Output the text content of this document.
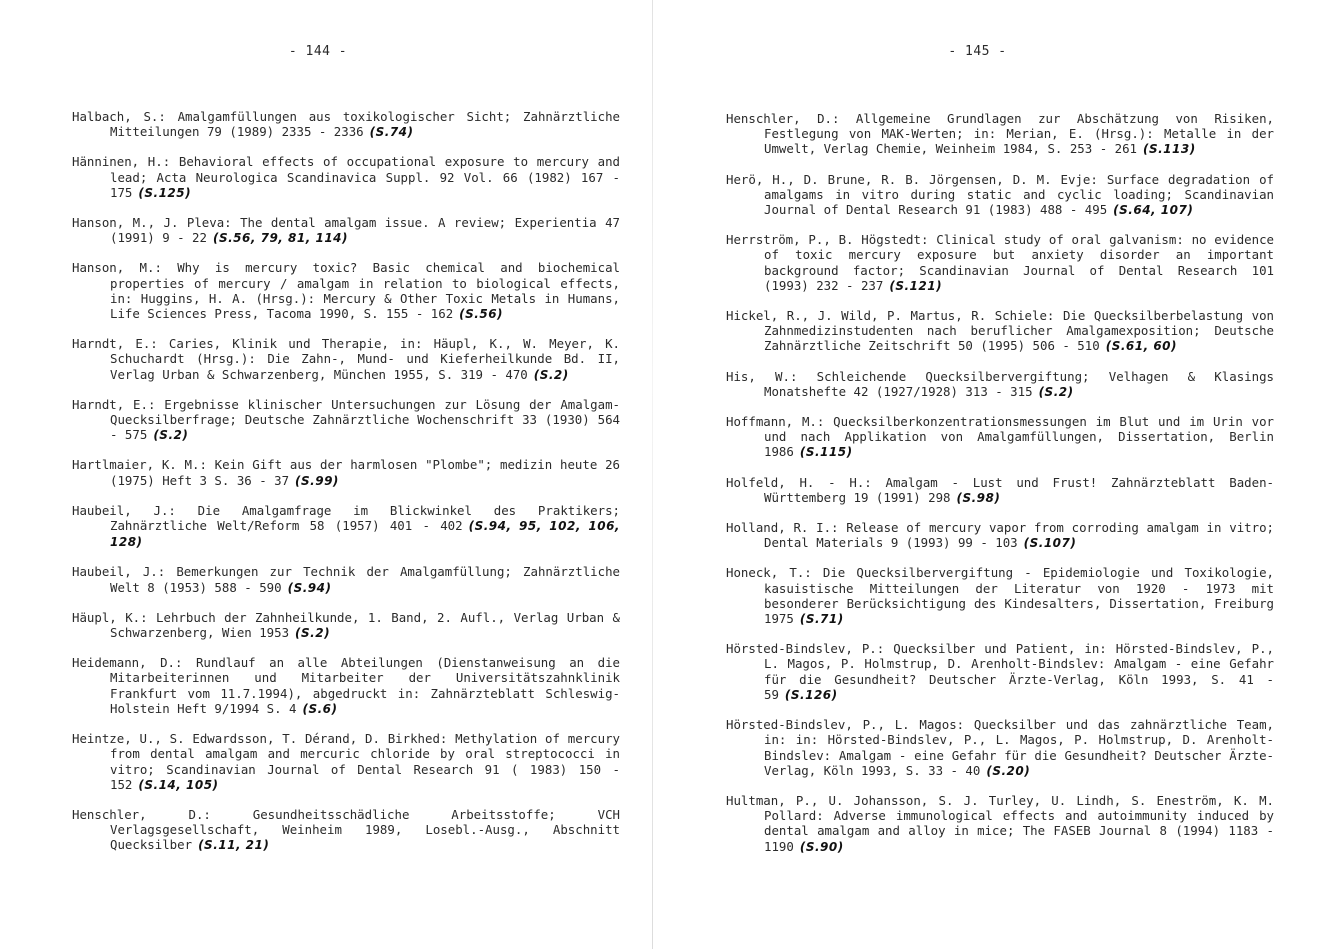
- 144 -
Halbach, S.: Amalgamfüllungen aus toxikologischer Sicht; Zahnärztliche Mitteilungen 79 (1989) 2335 - 2336 (S.74)
Hänninen, H.: Behavioral effects of occupational exposure to mercury and lead; Acta Neurologica Scandinavica Suppl. 92 Vol. 66 (1982) 167 - 175 (S.125)
Hanson, M., J. Pleva: The dental amalgam issue. A review; Experientia 47 (1991) 9 - 22 (S.56, 79, 81, 114)
Hanson, M.: Why is mercury toxic? Basic chemical and biochemical properties of mercury / amalgam in relation to biological effects, in: Huggins, H. A. (Hrsg.): Mercury & Other Toxic Metals in Humans, Life Sciences Press, Tacoma 1990, S. 155 - 162 (S.56)
Harndt, E.: Caries, Klinik und Therapie, in: Häupl, K., W. Meyer, K. Schuchardt (Hrsg.): Die Zahn-, Mund- und Kieferheilkunde Bd. II, Verlag Urban & Schwarzenberg, München 1955, S. 319 - 470 (S.2)
Harndt, E.: Ergebnisse klinischer Untersuchungen zur Lösung der Amalgam-Quecksilberfrage; Deutsche Zahnärztliche Wochenschrift 33 (1930) 564 - 575 (S.2)
Hartlmaier, K. M.: Kein Gift aus der harmlosen "Plombe"; medizin heute 26 (1975) Heft 3 S. 36 - 37 (S.99)
Haubeil, J.: Die Amalgamfrage im Blickwinkel des Praktikers; Zahnärztliche Welt/Reform 58 (1957) 401 - 402 (S.94, 95, 102, 106, 128)
Haubeil, J.: Bemerkungen zur Technik der Amalgamfüllung; Zahnärztliche Welt 8 (1953) 588 - 590 (S.94)
Häupl, K.: Lehrbuch der Zahnheilkunde, 1. Band, 2. Aufl., Verlag Urban & Schwarzenberg, Wien 1953 (S.2)
Heidemann, D.: Rundlauf an alle Abteilungen (Dienstanweisung an die Mitarbeiterinnen und Mitarbeiter der Universitätszahnklinik Frankfurt vom 11.7.1994), abgedruckt in: Zahnärzteblatt Schleswig-Holstein Heft 9/1994 S. 4 (S.6)
Heintze, U., S. Edwardsson, T. Dérand, D. Birkhed: Methylation of mercury from dental amalgam and mercuric chloride by oral streptococci in vitro; Scandinavian Journal of Dental Research 91 ( 1983) 150 - 152 (S.14, 105)
Henschler, D.: Gesundheitsschädliche Arbeitsstoffe; VCH Verlagsgesellschaft, Weinheim 1989, Losebl.-Ausg., Abschnitt Quecksilber (S.11, 21)
- 145 -
Henschler, D.: Allgemeine Grundlagen zur Abschätzung von Risiken, Festlegung von MAK-Werten; in: Merian, E. (Hrsg.): Metalle in der Umwelt, Verlag Chemie, Weinheim 1984, S. 253 - 261 (S.113)
Herö, H., D. Brune, R. B. Jörgensen, D. M. Evje: Surface degradation of amalgams in vitro during static and cyclic loading; Scandinavian Journal of Dental Research 91 (1983) 488 - 495 (S.64, 107)
Herrström, P., B. Högstedt: Clinical study of oral galvanism: no evidence of toxic mercury exposure but anxiety disorder an important background factor; Scandinavian Journal of Dental Research 101 (1993) 232 - 237 (S.121)
Hickel, R., J. Wild, P. Martus, R. Schiele: Die Quecksilberbelastung von Zahnmedizinstudenten nach beruflicher Amalgamexposition; Deutsche Zahnärztliche Zeitschrift 50 (1995) 506 - 510 (S.61, 60)
His, W.: Schleichende Quecksilbervergiftung; Velhagen & Klasings Monatshefte 42 (1927/1928) 313 - 315 (S.2)
Hoffmann, M.: Quecksilberkonzentrationsmessungen im Blut und im Urin vor und nach Applikation von Amalgamfüllungen, Dissertation, Berlin 1986 (S.115)
Holfeld, H. - H.: Amalgam - Lust und Frust! Zahnärzteblatt Baden-Württemberg 19 (1991) 298 (S.98)
Holland, R. I.: Release of mercury vapor from corroding amalgam in vitro; Dental Materials 9 (1993) 99 - 103 (S.107)
Honeck, T.: Die Quecksilbervergiftung - Epidemiologie und Toxikologie, kasuistische Mitteilungen der Literatur von 1920 - 1973 mit besonderer Berücksichtigung des Kindesalters, Dissertation, Freiburg 1975 (S.71)
Hörsted-Bindslev, P.: Quecksilber und Patient, in: Hörsted-Bindslev, P., L. Magos, P. Holmstrup, D. Arenholt-Bindslev: Amalgam - eine Gefahr für die Gesundheit? Deutscher Ärzte-Verlag, Köln 1993, S. 41 - 59 (S.126)
Hörsted-Bindslev, P., L. Magos: Quecksilber und das zahnärztliche Team, in: in: Hörsted-Bindslev, P., L. Magos, P. Holmstrup, D. Arenholt-Bindslev: Amalgam - eine Gefahr für die Gesundheit? Deutscher Ärzte-Verlag, Köln 1993, S. 33 - 40 (S.20)
Hultman, P., U. Johansson, S. J. Turley, U. Lindh, S. Eneström, K. M. Pollard: Adverse immunological effects and autoimmunity induced by dental amalgam and alloy in mice; The FASEB Journal 8 (1994) 1183 - 1190 (S.90)
